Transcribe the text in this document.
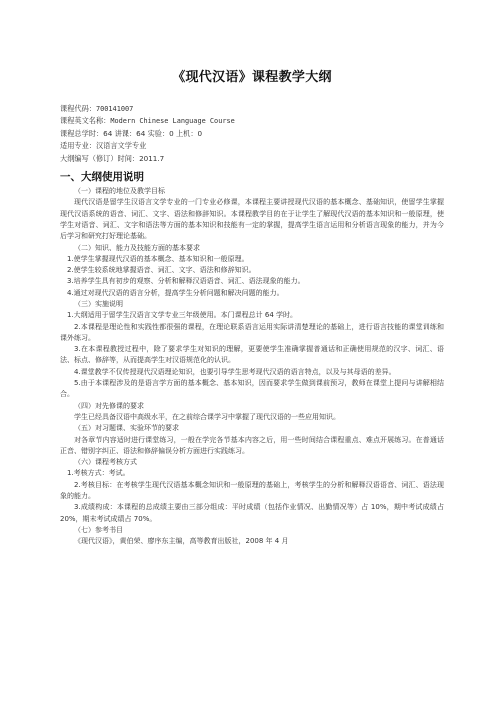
《现代汉语》课程教学大纲
课程代码：700141007
课程英文名称：Modern Chinese Language Course
课程总学时：64 讲课：64 实验：0 上机：0
适用专业：汉语言文学专业
大纲编写（修订）时间：2011.7
一、大纲使用说明

（一）课程的地位及教学目标

现代汉语是留学生汉语言文学专业的一门专业必修课，本课程主要讲授现代汉语的基本概念、基础知识，使留学生掌握现代汉语系统的语音、词汇、文字、语法和修辞知识。本课程教学目的在于让学生了解现代汉语的基本知识和一般原理，使学生对语音、词汇、文字和语法等方面的基本知识和技能有一定的掌握，提高学生语言运用和分析语言现象的能力，并为今后学习和研究打好理论基础。

（二）知识、能力及技能方面的基本要求

1.使学生掌握现代汉语的基本概念、基本知识和一般原理。

2.使学生较系统地掌握语音、词汇、文字、语法和修辞知识。

3.培养学生具有初步的观察、分析和解释汉语语音、词汇、语法现象的能力。

4.通过对现代汉语的语言分析，提高学生分析问题和解决问题的能力。

（三）实施说明

1.大纲适用于留学生汉语言文学专业三年级使用。本门课程总计 64 学时。

2.本课程是理论性和实践性都很强的课程，在理论联系语言运用实际讲清楚理论的基础上，进行语言技能的课堂训练和课外练习。

3.在本课程教授过程中，除了要求学生对知识的理解，更要使学生准确掌握普通话和正确使用规范的汉字、词汇、语法、标点、修辞等，从而提高学生对汉语规范化的认识。

4.课堂教学不仅传授现代汉语理论知识，也要引导学生思考现代汉语的语言特点，以及与其母语的差异。

5.由于本课程涉及的是语言学方面的基本概念、基本知识，因而要求学生做到课前预习，教师在课堂上提问与讲解相结合。

（四）对先修课的要求

学生已经具备汉语中高级水平，在之前综合课学习中掌握了现代汉语的一些应用知识。

（五）对习题课、实验环节的要求

对各章节内容适时进行课堂练习，一般在学完各节基本内容之后，用一些时间结合课程重点、难点开展练习。在普通话正音、错别字纠正、语法和修辞偏误分析方面进行实践练习。

（六）课程考核方式

1.考核方式：考试。

2.考核目标：在考核学生现代汉语基本概念知识和一般原理的基础上，考核学生的分析和解释汉语语音、词汇、语法现象的能力。

3.成绩构成：本课程的总成绩主要由三部分组成：平时成绩（包括作业情况、出勤情况等）占 10%，期中考试成绩占 20%，期末考试成绩占 70%。

（七）参考书目

《现代汉语》，黄伯荣、廖序东主编，高等教育出版社，2008 年 4 月
